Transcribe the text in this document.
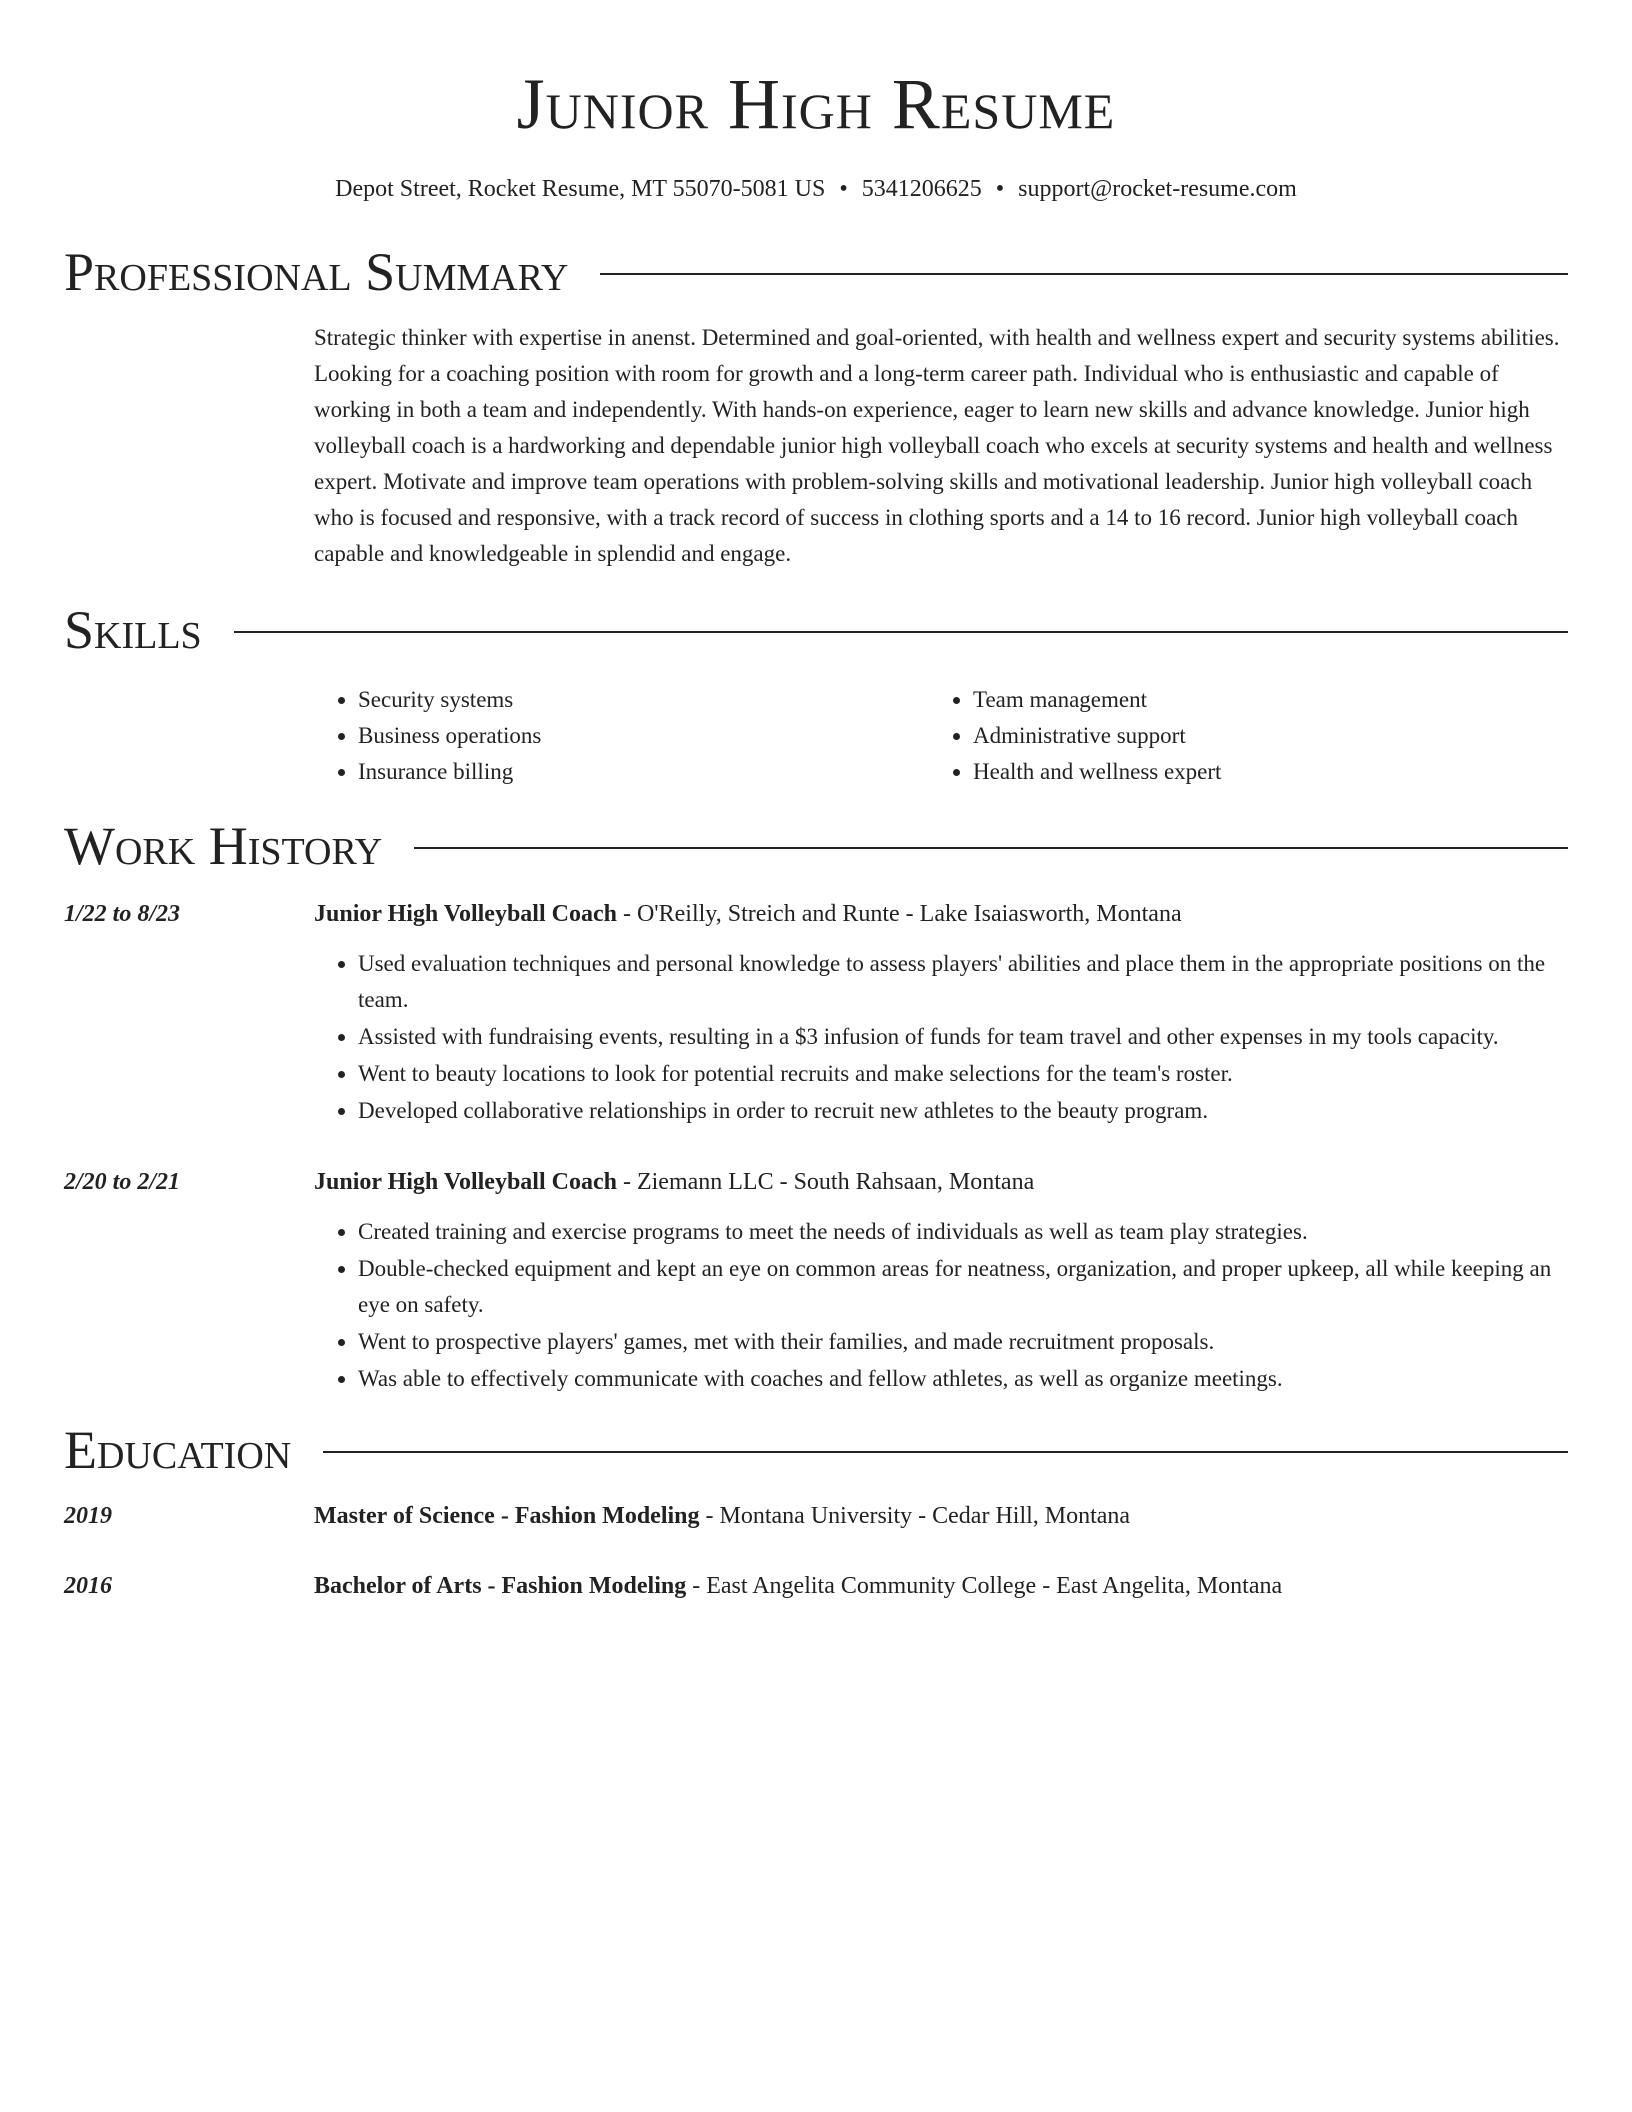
Junior High Resume
Depot Street, Rocket Resume, MT 55070-5081 US • 5341206625 • support@rocket-resume.com
Professional Summary
Strategic thinker with expertise in anenst. Determined and goal-oriented, with health and wellness expert and security systems abilities. Looking for a coaching position with room for growth and a long-term career path. Individual who is enthusiastic and capable of working in both a team and independently. With hands-on experience, eager to learn new skills and advance knowledge. Junior high volleyball coach is a hardworking and dependable junior high volleyball coach who excels at security systems and health and wellness expert. Motivate and improve team operations with problem-solving skills and motivational leadership. Junior high volleyball coach who is focused and responsive, with a track record of success in clothing sports and a 14 to 16 record. Junior high volleyball coach capable and knowledgeable in splendid and engage.
Skills
• Security systems
• Business operations
• Insurance billing
• Team management
• Administrative support
• Health and wellness expert
Work History
1/22 to 8/23	Junior High Volleyball Coach - O'Reilly, Streich and Runte - Lake Isaiasworth, Montana
• Used evaluation techniques and personal knowledge to assess players' abilities and place them in the appropriate positions on the team.
• Assisted with fundraising events, resulting in a $3 infusion of funds for team travel and other expenses in my tools capacity.
• Went to beauty locations to look for potential recruits and make selections for the team's roster.
• Developed collaborative relationships in order to recruit new athletes to the beauty program.
2/20 to 2/21	Junior High Volleyball Coach - Ziemann LLC - South Rahsaan, Montana
• Created training and exercise programs to meet the needs of individuals as well as team play strategies.
• Double-checked equipment and kept an eye on common areas for neatness, organization, and proper upkeep, all while keeping an eye on safety.
• Went to prospective players' games, met with their families, and made recruitment proposals.
• Was able to effectively communicate with coaches and fellow athletes, as well as organize meetings.
Education
2019	Master of Science - Fashion Modeling - Montana University - Cedar Hill, Montana
2016	Bachelor of Arts - Fashion Modeling - East Angelita Community College - East Angelita, Montana
